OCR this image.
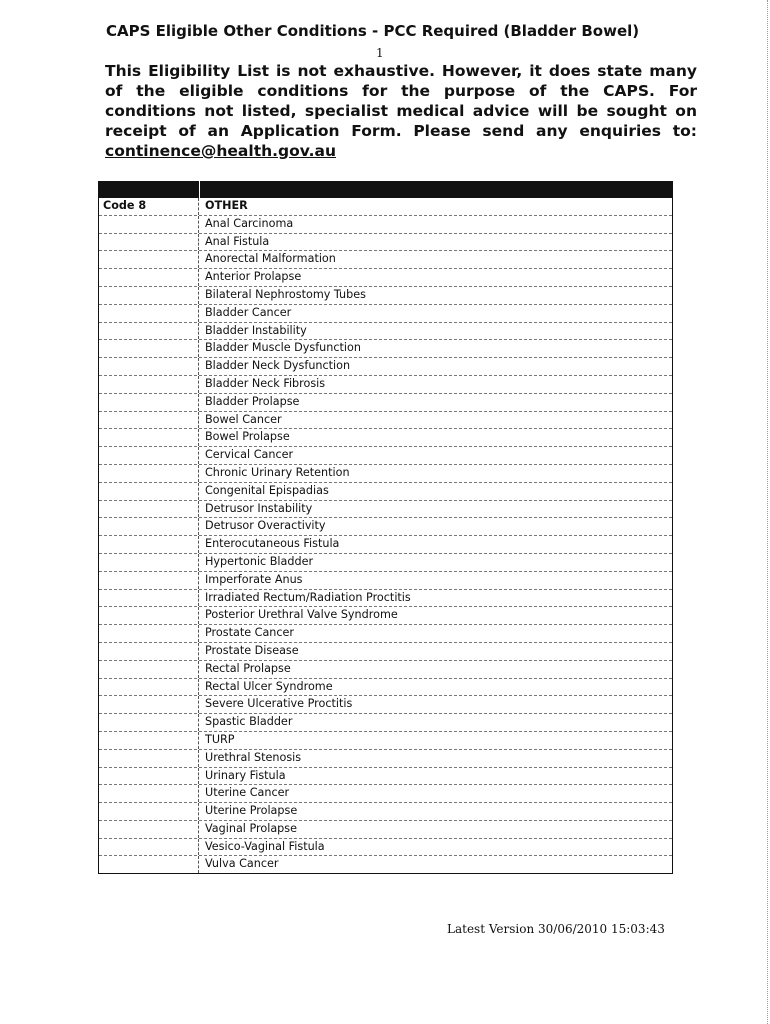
CAPS Eligible Other Conditions - PCC Required (Bladder Bowel)
1
This Eligibility List is not exhaustive. However, it does state many of the eligible conditions for the purpose of the CAPS. For conditions not listed, specialist medical advice will be sought on receipt of an Application Form. Please send any enquiries to: continence@health.gov.au
Code 8	OTHER
Anal Carcinoma
Anal Fistula
Anorectal Malformation
Anterior Prolapse
Bilateral Nephrostomy Tubes
Bladder Cancer
Bladder Instability
Bladder Muscle Dysfunction
Bladder Neck Dysfunction
Bladder Neck Fibrosis
Bladder Prolapse
Bowel Cancer
Bowel Prolapse
Cervical Cancer
Chronic Urinary Retention
Congenital Epispadias
Detrusor Instability
Detrusor Overactivity
Enterocutaneous Fistula
Hypertonic Bladder
Imperforate Anus
Irradiated Rectum/Radiation Proctitis
Posterior Urethral Valve Syndrome
Prostate Cancer
Prostate Disease
Rectal Prolapse
Rectal Ulcer Syndrome
Severe Ulcerative Proctitis
Spastic Bladder
TURP
Urethral Stenosis
Urinary Fistula
Uterine Cancer
Uterine Prolapse
Vaginal Prolapse
Vesico-Vaginal Fistula
Vulva Cancer
Latest Version 30/06/2010 15:03:43
